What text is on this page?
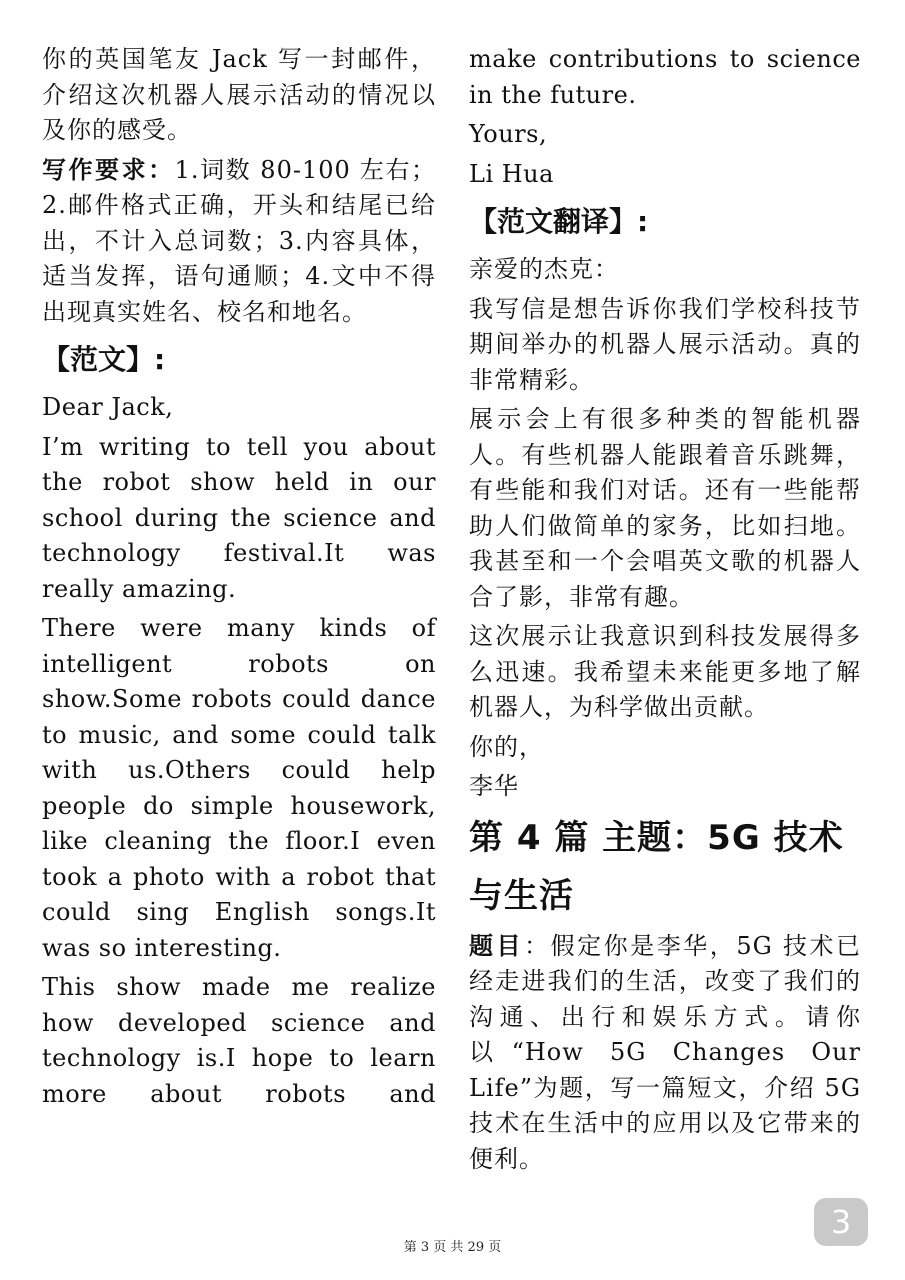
你的英国笔友 Jack 写一封邮件，介绍这次机器人展示活动的情况以及你的感受。

写作要求：1.词数 80-100 左右；2.邮件格式正确，开头和结尾已给出，不计入总词数；3.内容具体，适当发挥，语句通顺；4.文中不得出现真实姓名、校名和地名。

【范文】:

Dear Jack,

I’m writing to tell you about the robot show held in our school during the science and technology festival.It was really amazing.

There were many kinds of intelligent robots on show.Some robots could dance to music, and some could talk with us.Others could help people do simple housework, like cleaning the floor.I even took a photo with a robot that could sing English songs.It was so interesting.

This show made me realize how developed science and technology is.I hope to learn more about robots and

make contributions to science in the future.

Yours,

Li Hua

【范文翻译】:

亲爱的杰克：

我写信是想告诉你我们学校科技节期间举办的机器人展示活动。真的非常精彩。

展示会上有很多种类的智能机器人。有些机器人能跟着音乐跳舞，有些能和我们对话。还有一些能帮助人们做简单的家务，比如扫地。我甚至和一个会唱英文歌的机器人合了影，非常有趣。

这次展示让我意识到科技发展得多么迅速。我希望未来能更多地了解机器人，为科学做出贡献。

你的，

李华

第 4 篇 主题：5G 技术与生活

题目：假定你是李华，5G 技术已经走进我们的生活，改变了我们的沟通、出行和娱乐方式。请你以“How 5G Changes Our Life”为题，写一篇短文，介绍 5G 技术在生活中的应用以及它带来的便利。

3
第 3 页 共 29 页
